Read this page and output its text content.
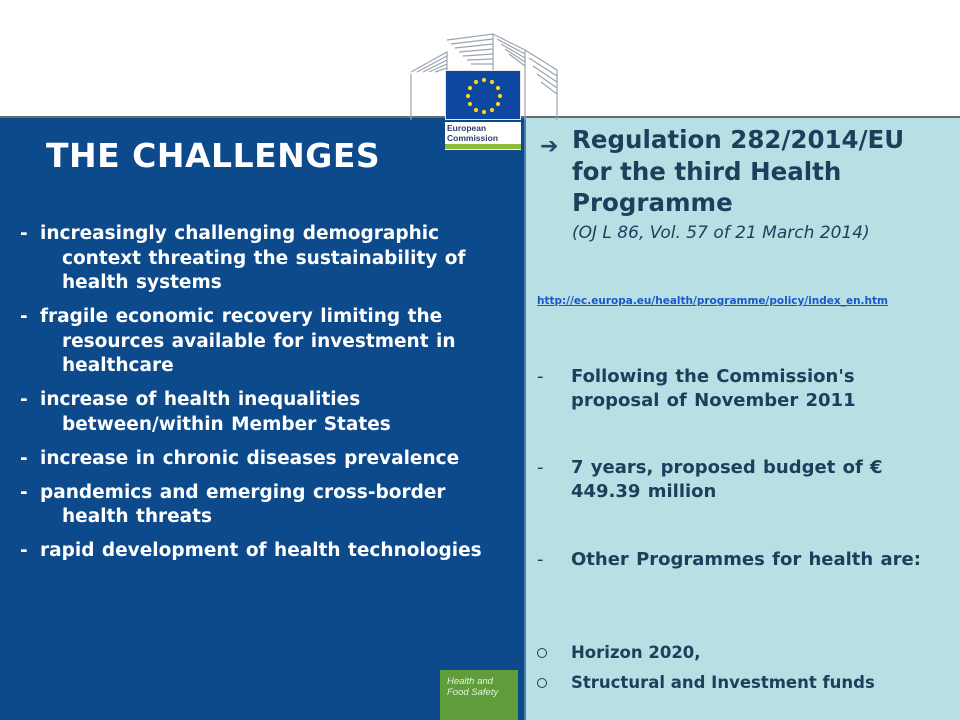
European
Commission
THE CHALLENGES
- increasingly challenging demographic context threating the sustainability of health systems
- fragile economic recovery limiting the resources available for investment in healthcare
- increase of health inequalities between/within Member States
- increase in chronic diseases prevalence
- pandemics and emerging cross-border health threats
- rapid development of health technologies
Health and
Food Safety
➔ Regulation 282/2014/EU for the third Health Programme
(OJ L 86, Vol. 57 of 21 March 2014)
http://ec.europa.eu/health/programme/policy/index_en.htm
- Following the Commission's proposal of November 2011
- 7 years, proposed budget of € 449.39 million
- Other Programmes for health are:
Horizon 2020,
Structural and Investment funds
